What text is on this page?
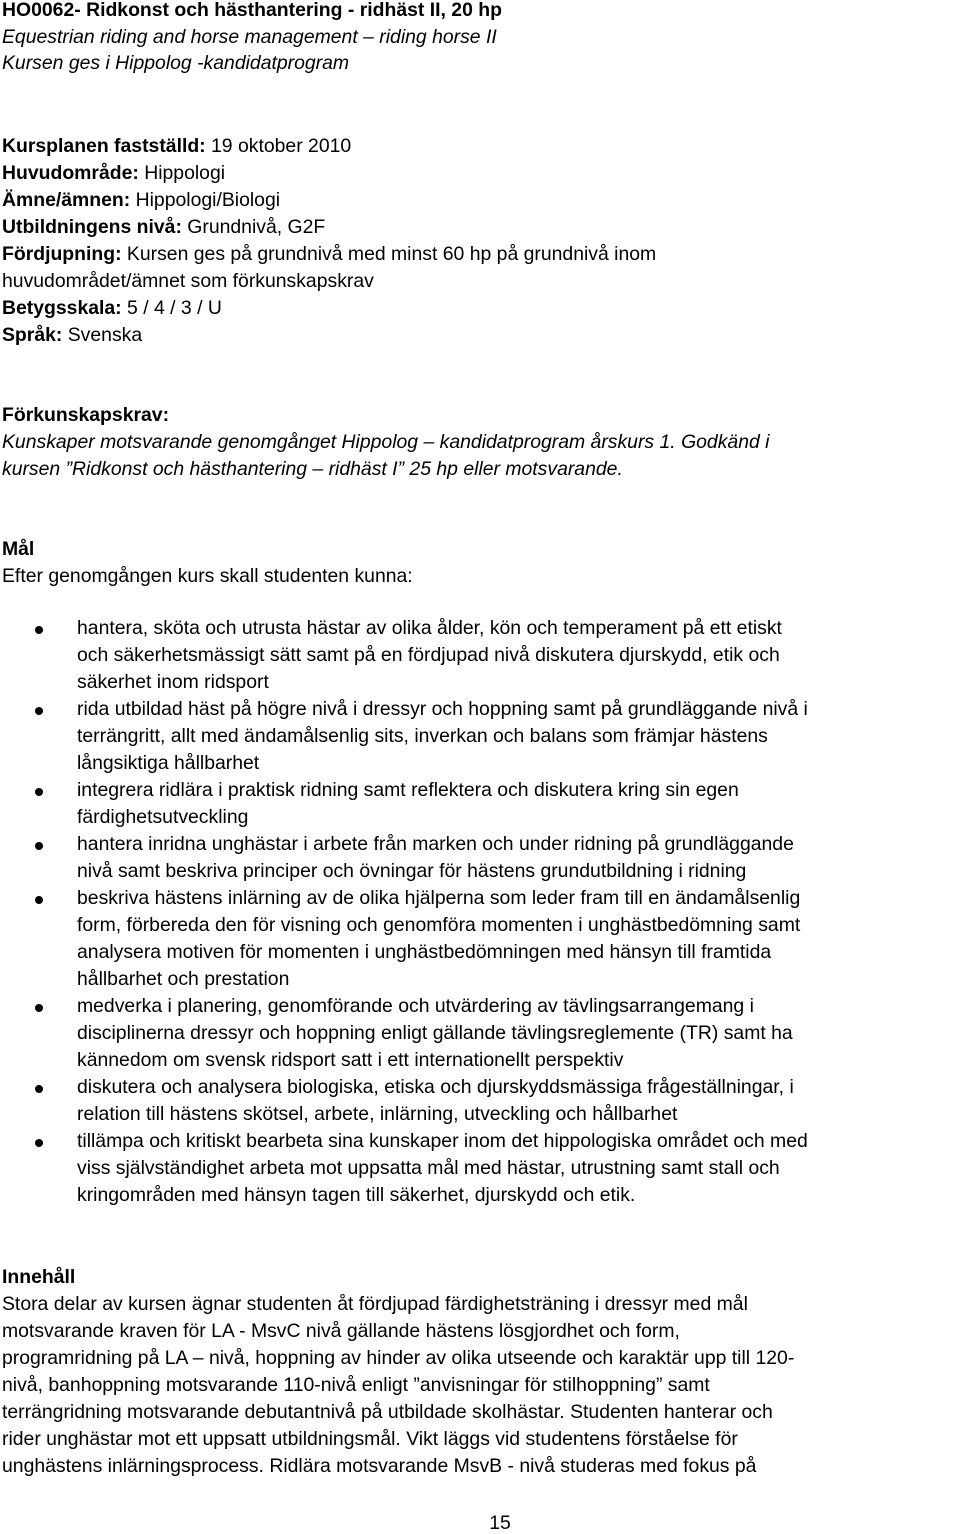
HO0062- Ridkonst och hästhantering - ridhäst II, 20 hp
Equestrian riding and horse management – riding horse II
Kursen ges i Hippolog -kandidatprogram
Kursplanen fastställd: 19 oktober 2010
Huvudområde: Hippologi
Ämne/ämnen: Hippologi/Biologi
Utbildningens nivå: Grundnivå, G2F
Fördjupning: Kursen ges på grundnivå med minst 60 hp på grundnivå inom
huvudområdet/ämnet som förkunskapskrav
Betygsskala: 5 / 4 / 3 / U
Språk: Svenska
Förkunskapskrav:
Kunskaper motsvarande genomgånget Hippolog – kandidatprogram årskurs 1. Godkänd i
kursen ”Ridkonst och hästhantering – ridhäst I” 25 hp eller motsvarande.
Mål
Efter genomgången kurs skall studenten kunna:
hantera, sköta och utrusta hästar av olika ålder, kön och temperament på ett etiskt
och säkerhetsmässigt sätt samt på en fördjupad nivå diskutera djurskydd, etik och
säkerhet inom ridsport
rida utbildad häst på högre nivå i dressyr och hoppning samt på grundläggande nivå i
terrängritt, allt med ändamålsenlig sits, inverkan och balans som främjar hästens
långsiktiga hållbarhet
integrera ridlära i praktisk ridning samt reflektera och diskutera kring sin egen
färdighetsutveckling
hantera inridna unghästar i arbete från marken och under ridning på grundläggande
nivå samt beskriva principer och övningar för hästens grundutbildning i ridning
beskriva hästens inlärning av de olika hjälperna som leder fram till en ändamålsenlig
form, förbereda den för visning och genomföra momenten i unghästbedömning samt
analysera motiven för momenten i unghästbedömningen med hänsyn till framtida
hållbarhet och prestation
medverka i planering, genomförande och utvärdering av tävlingsarrangemang i
disciplinerna dressyr och hoppning enligt gällande tävlingsreglemente (TR) samt ha
kännedom om svensk ridsport satt i ett internationellt perspektiv
diskutera och analysera biologiska, etiska och djurskyddsmässiga frågeställningar, i
relation till hästens skötsel, arbete, inlärning, utveckling och hållbarhet
tillämpa och kritiskt bearbeta sina kunskaper inom det hippologiska området och med
viss självständighet arbeta mot uppsatta mål med hästar, utrustning samt stall och
kringområden med hänsyn tagen till säkerhet, djurskydd och etik.
Innehåll
Stora delar av kursen ägnar studenten åt fördjupad färdighetsträning i dressyr med mål
motsvarande kraven för LA - MsvC nivå gällande hästens lösgjordhet och form,
programridning på LA – nivå, hoppning av hinder av olika utseende och karaktär upp till 120-
nivå, banhoppning motsvarande 110-nivå enligt ”anvisningar för stilhoppning” samt
terrängridning motsvarande debutantnivå på utbildade skolhästar. Studenten hanterar och
rider unghästar mot ett uppsatt utbildningsmål. Vikt läggs vid studentens förståelse för
unghästens inlärningsprocess. Ridlära motsvarande MsvB - nivå studeras med fokus på
15
